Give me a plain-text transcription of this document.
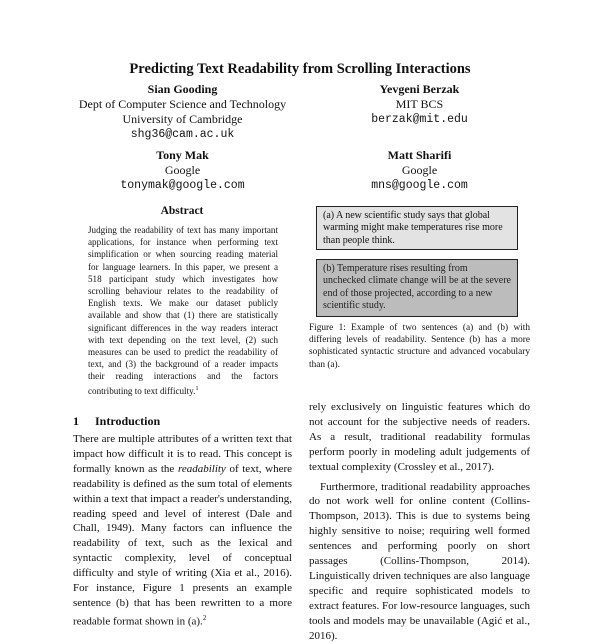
Predicting Text Readability from Scrolling Interactions
Sian Gooding
Dept of Computer Science and Technology
University of Cambridge
shg36@cam.ac.uk
Yevgeni Berzak
MIT BCS
berzak@mit.edu
Tony Mak
Google
tonymak@google.com
Matt Sharifi
Google
mns@google.com
Abstract
Judging the readability of text has many important applications, for instance when performing text simplification or when sourcing reading material for language learners. In this paper, we present a 518 participant study which investigates how scrolling behaviour relates to the readability of English texts. We make our dataset publicly available and show that (1) there are statistically significant differences in the way readers interact with text depending on the text level, (2) such measures can be used to predict the readability of text, and (3) the background of a reader impacts their reading interactions and the factors contributing to text difficulty.$^1$
(a) A new scientific study says that global warming might make temperatures rise more than people think.
(b) Temperature rises resulting from unchecked climate change will be at the severe end of those projected, according to a new scientific study.
Figure 1: Example of two sentences (a) and (b) with differing levels of readability. Sentence (b) has a more sophisticated syntactic structure and advanced vocabulary than (a).
1 Introduction

There are multiple attributes of a written text that impact how difficult it is to read. This concept is formally known as the readability of text, where readability is defined as the sum total of elements within a text that impact a reader's understanding, reading speed and level of interest (Dale and Chall, 1949). Many factors can influence the readability of text, such as the lexical and syntactic complexity, level of conceptual difficulty and style of writing (Xia et al., 2016). For instance, Figure 1 presents an example sentence (b) that has been rewritten to a more readable format shown in (a).$^2$

rely exclusively on linguistic features which do not account for the subjective needs of readers. As a result, traditional readability formulas perform poorly in modeling adult judgements of textual complexity (Crossley et al., 2017).

Furthermore, traditional readability approaches do not work well for online content (Collins-Thompson, 2013). This is due to systems being highly sensitive to noise; requiring well formed sentences and performing poorly on short passages (Collins-Thompson, 2014). Linguistically driven techniques are also language specific and require sophisticated models to extract features. For low-resource languages, such tools and models may be unavailable (Agić et al., 2016).
